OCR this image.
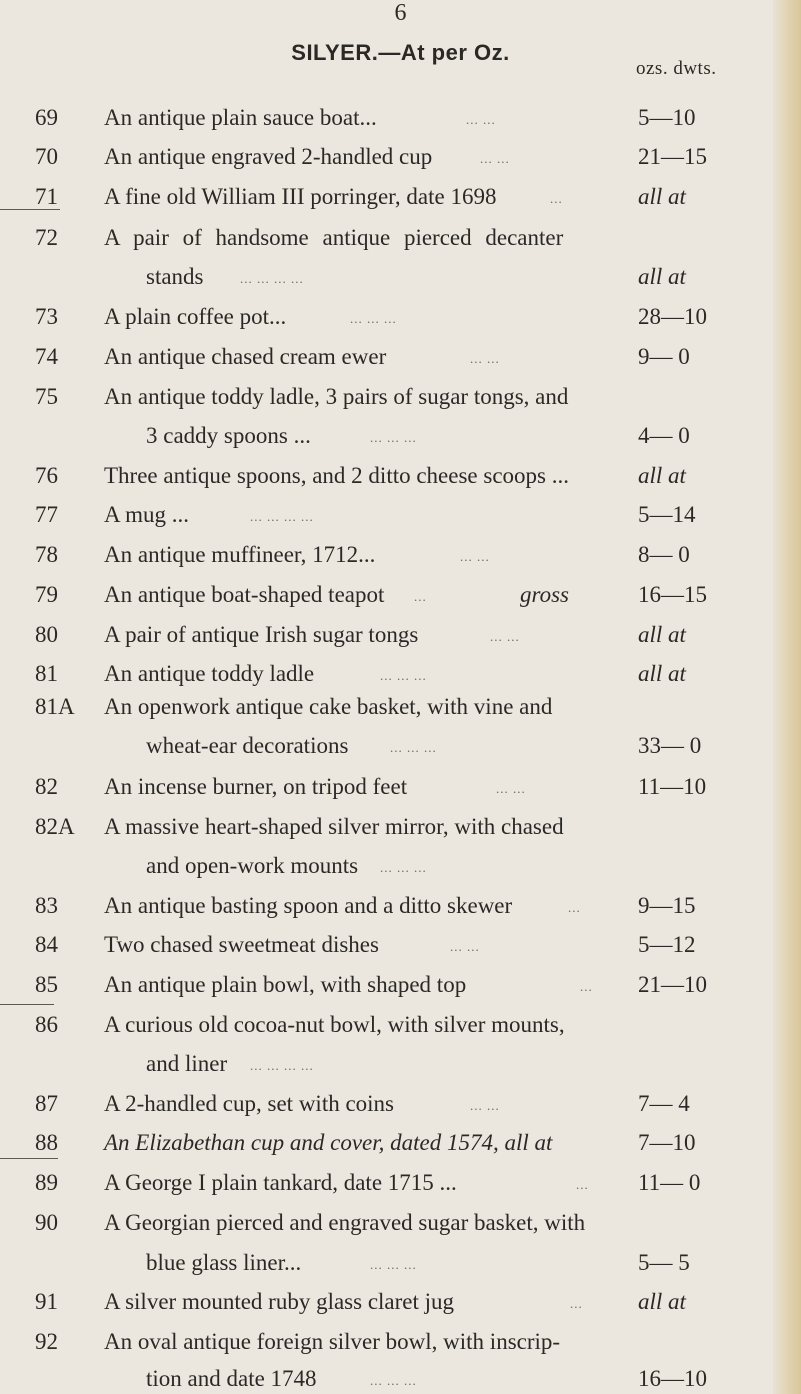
6
SILYER.—At per Oz.
ozs. dwts.
69	An antique plain sauce boat...	... ...	5—10
70	An antique engraved 2-handled cup	... ...	21—15
71	A fine old William III porringer, date 1698	...	all at
72	A pair of handsome antique pierced decanter
stands	... ... ... ...	all at
73	A plain coffee pot...	... ... ...	28—10
74	An antique chased cream ewer	... ...	9— 0
75	An antique toddy ladle, 3 pairs of sugar tongs, and
3 caddy spoons ...	... ... ...	4— 0
76	Three antique spoons, and 2 ditto cheese scoops ...	all at
77	A mug ...	... ... ... ...	5—14
78	An antique muffineer, 1712...	... ...	8— 0
79	An antique boat-shaped teapot ...	gross	16—15
80	A pair of antique Irish sugar tongs	... ...	all at
81	An antique toddy ladle	... ... ...	all at
81A	An openwork antique cake basket, with vine and
wheat-ear decorations	... ... ...	33— 0
82	An incense burner, on tripod feet	... ...	11—10
82A	A massive heart-shaped silver mirror, with chased
and open-work mounts ... ... ...
83	An antique basting spoon and a ditto skewer	... 9—15
84	Two chased sweetmeat dishes	... ...	5—12
85	An antique plain bowl, with shaped top	... 21—10
86	A curious old cocoa-nut bowl, with silver mounts,
and liner ... ... ... ...
87	A 2-handled cup, set with coins	... ...	7— 4
88	An Elizabethan cup and cover, dated 1574, all at	7—10
89	A George I plain tankard, date 1715 ...	... 11— 0
90	A Georgian pierced and engraved sugar basket, with
blue glass liner...	... ... ...	5— 5
91	A silver mounted ruby glass claret jug	... all at
92	An oval antique foreign silver bowl, with inscrip-
tion and date 1748	... ... ...	16—10
